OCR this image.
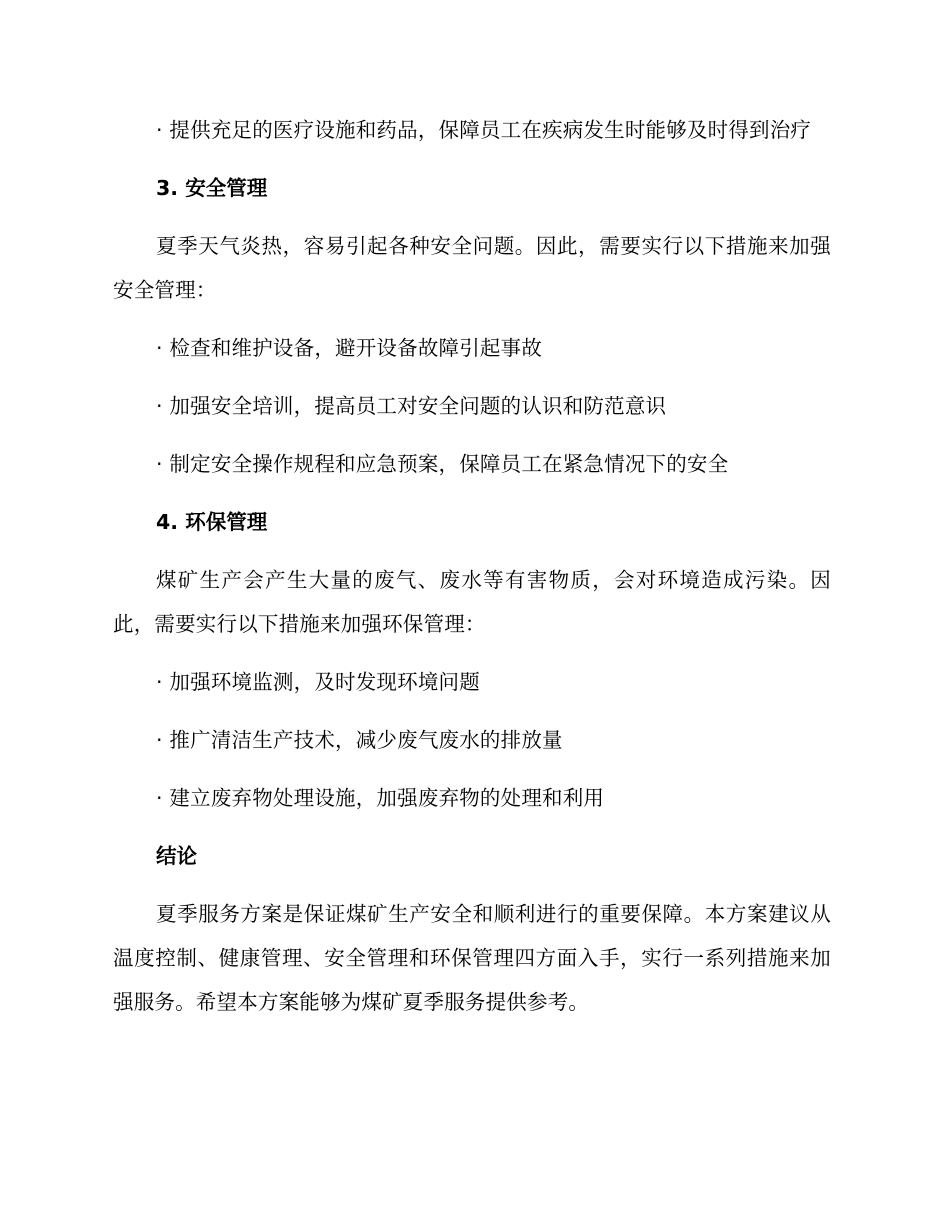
· 提供充足的医疗设施和药品，保障员工在疾病发生时能够及时得到治疗

3. 安全管理

夏季天气炎热，容易引起各种安全问题。因此，需要实行以下措施来加强安全管理：

· 检查和维护设备，避开设备故障引起事故

· 加强安全培训，提高员工对安全问题的认识和防范意识

· 制定安全操作规程和应急预案，保障员工在紧急情况下的安全

4. 环保管理

煤矿生产会产生大量的废气、废水等有害物质，会对环境造成污染。因此，需要实行以下措施来加强环保管理：

· 加强环境监测，及时发现环境问题

· 推广清洁生产技术，减少废气废水的排放量

· 建立废弃物处理设施，加强废弃物的处理和利用

结论

夏季服务方案是保证煤矿生产安全和顺利进行的重要保障。本方案建议从温度控制、健康管理、安全管理和环保管理四方面入手，实行一系列措施来加强服务。希望本方案能够为煤矿夏季服务提供参考。
